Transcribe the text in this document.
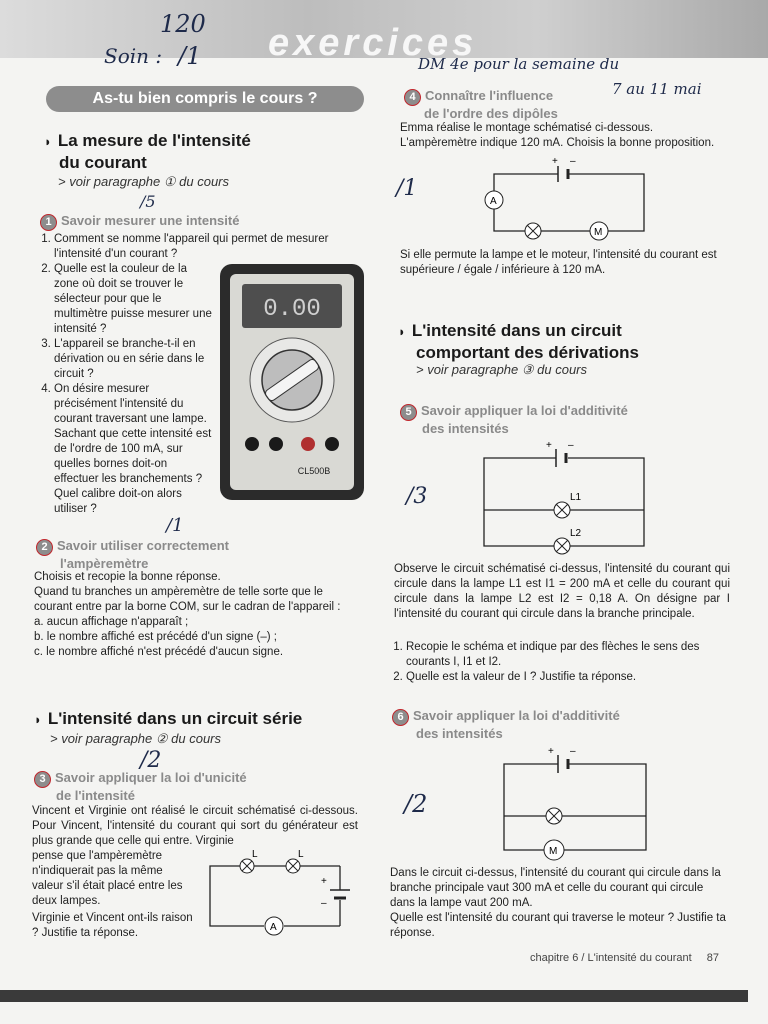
exercices
120
Soin : /1	DM 4e pour la semaine du
7 au 11 mai
As-tu bien compris le cours ?
◗ La mesure de l'intensité
du courant
> voir paragraphe ① du cours
/5
1 Savoir mesurer une intensité
1. Comment se nomme l'appareil qui permet de mesurer l'intensité d'un courant ?
2. Quelle est la couleur de la zone où doit se trouver le sélecteur pour que le multimètre puisse mesurer une intensité ?
3. L'appareil se branche-t-il en dérivation ou en série dans le circuit ?
4. On désire mesurer précisément l'intensité du courant traversant une lampe. Sachant que cette intensité est de l'ordre de 100 mA, sur quelles bornes doit-on effectuer les branchements ? Quel calibre doit-on alors utiliser ?
0.00
CL500B
/1
2 Savoir utiliser correctement
l'ampèremètre
Choisis et recopie la bonne réponse.
Quand tu branches un ampèremètre de telle sorte que le courant entre par la borne COM, sur le cadran de l'appareil :
a. aucun affichage n'apparaît ;
b. le nombre affiché est précédé d'un signe (–) ;
c. le nombre affiché n'est précédé d'aucun signe.
◗ L'intensité dans un circuit série
> voir paragraphe ② du cours
/2
3 Savoir appliquer la loi d'unicité
de l'intensité
Vincent et Virginie ont réalisé le circuit schématisé ci-dessous. Pour Vincent, l'intensité du courant qui sort du générateur est plus grande que celle qui entre. Virginie
pense que l'ampèremètre n'indiquerait pas la même valeur s'il était placé entre les deux lampes.
Virginie et Vincent ont-ils raison ? Justifie ta réponse.
L	L
A
+
–
4 Connaître l'influence
de l'ordre des dipôles
Emma réalise le montage schématisé ci-dessous. L'ampèremètre indique 120 mA. Choisis la bonne proposition.
/1
+ –
A
M
Si elle permute la lampe et le moteur, l'intensité du courant est supérieure / égale / inférieure à 120 mA.
◗ L'intensité dans un circuit
comportant des dérivations
> voir paragraphe ③ du cours
5 Savoir appliquer la loi d'additivité
des intensités
/3
+ –
L1
L2
Observe le circuit schématisé ci-dessus, l'intensité du courant qui circule dans la lampe L1 est I1 = 200 mA et celle du courant qui circule dans la lampe L2 est I2 = 0,18 A. On désigne par I l'intensité du courant qui circule dans la branche principale.
1. Recopie le schéma et indique par des flèches le sens des courants I, I1 et I2.
2. Quelle est la valeur de I ? Justifie ta réponse.
6 Savoir appliquer la loi d'additivité
des intensités
/2
+ –
M
Dans le circuit ci-dessus, l'intensité du courant qui circule dans la branche principale vaut 300 mA et celle du courant qui circule dans la lampe vaut 200 mA.
Quelle est l'intensité du courant qui traverse le moteur ? Justifie ta réponse.
chapitre 6 / L'intensité du courant 87
